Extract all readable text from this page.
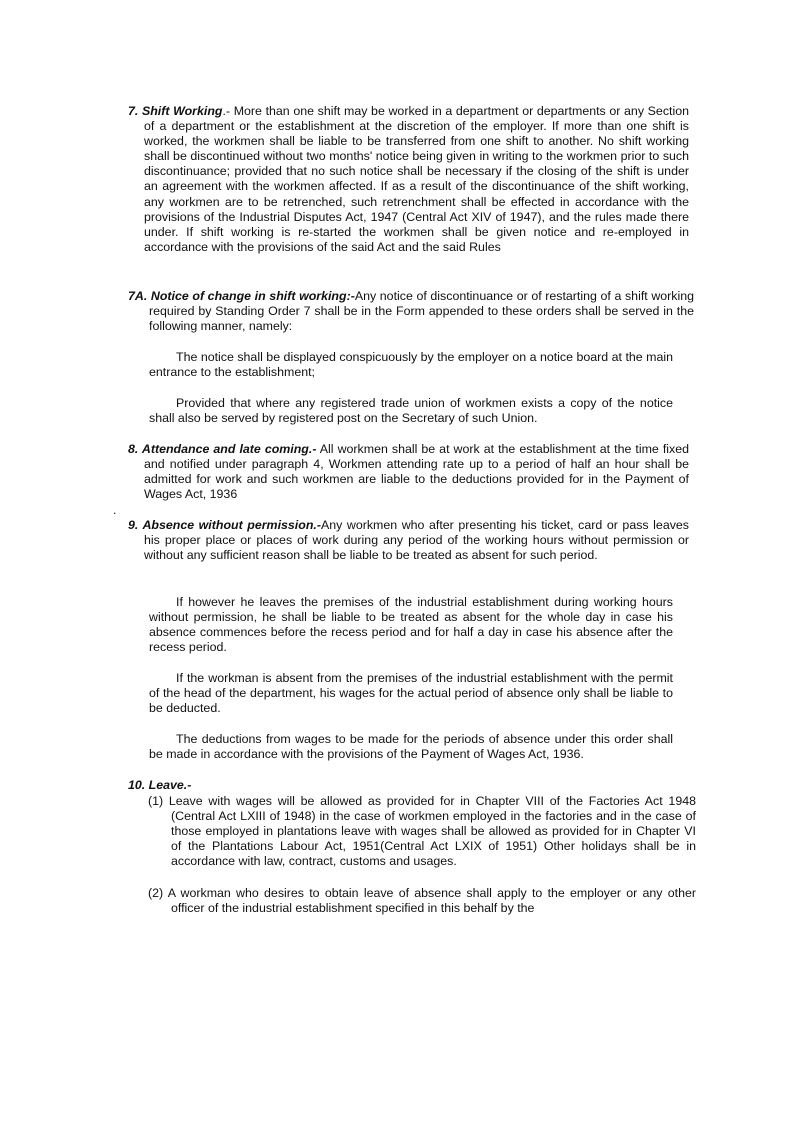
7. Shift Working.- More than one shift may be worked in a department or departments or any Section of a department or the establishment at the discretion of the employer. If more than one shift is worked, the workmen shall be liable to be transferred from one shift to another. No shift working shall be discontinued without two months' notice being given in writing to the workmen prior to such discontinuance; provided that no such notice shall be necessary if the closing of the shift is under an agreement with the workmen affected. If as a result of the discontinuance of the shift working, any workmen are to be retrenched, such retrenchment shall be effected in accordance with the provisions of the Industrial Disputes Act, 1947 (Central Act XIV of 1947), and the rules made there under. If shift working is re-started the workmen shall be given notice and re-employed in accordance with the provisions of the said Act and the said Rules
7A. Notice of change in shift working:-Any notice of discontinuance or of restarting of a shift working required by Standing Order 7 shall be in the Form appended to these orders shall be served in the following manner, namely:
The notice shall be displayed conspicuously by the employer on a notice board at the main entrance to the establishment;
Provided that where any registered trade union of workmen exists a copy of the notice shall also be served by registered post on the Secretary of such Union.
8. Attendance and late coming.- All workmen shall be at work at the establishment at the time fixed and notified under paragraph 4, Workmen attending rate up to a period of half an hour shall be admitted for work and such workmen are liable to the deductions provided for in the Payment of Wages Act, 1936
.
9. Absence without permission.-Any workmen who after presenting his ticket, card or pass leaves his proper place or places of work during any period of the working hours without permission or without any sufficient reason shall be liable to be treated as absent for such period.
If however he leaves the premises of the industrial establishment during working hours without permission, he shall be liable to be treated as absent for the whole day in case his absence commences before the recess period and for half a day in case his absence after the recess period.
If the workman is absent from the premises of the industrial establishment with the permit of the head of the department, his wages for the actual period of absence only shall be liable to be deducted.
The deductions from wages to be made for the periods of absence under this order shall be made in accordance with the provisions of the Payment of Wages Act, 1936.
10. Leave.-
(1) Leave with wages will be allowed as provided for in Chapter VIII of the Factories Act 1948 (Central Act LXIII of 1948) in the case of workmen employed in the factories and in the case of those employed in plantations leave with wages shall be allowed as provided for in Chapter VI of the Plantations Labour Act, 1951(Central Act LXIX of 1951) Other holidays shall be in accordance with law, contract, customs and usages.
(2) A workman who desires to obtain leave of absence shall apply to the employer or any other officer of the industrial establishment specified in this behalf by the
